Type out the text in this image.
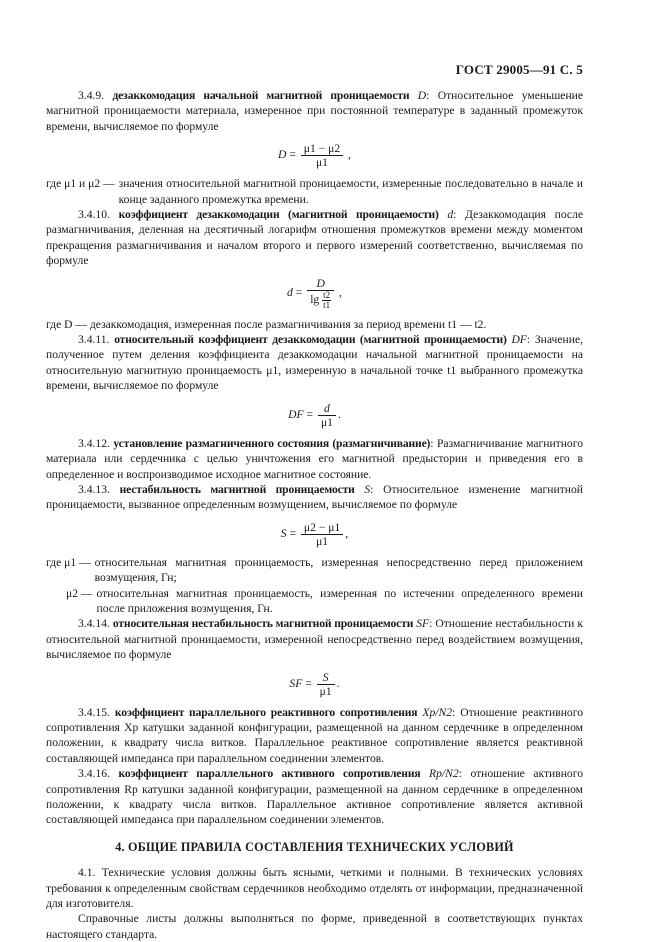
ГОСТ 29005—91 С. 5

3.4.9. дезаккомодация начальной магнитной проницаемости D: Относительное уменьшение магнитной проницаемости материала, измеренное при постоянной температуре в заданный промежуток времени, вычисляемое по формуле

$D = \frac{\mu 1 - \mu 2}{\mu 1}$ ,
где μ1 и μ2 — значения относительной магнитной проницаемости, измеренные последовательно в начале и конце заданного промежутка времени.

3.4.10. коэффициент дезаккомодации (магнитной проницаемости) d: Дезаккомодация после размагничивания, деленная на десятичный логарифм отношения промежутков времени между моментом прекращения размагничивания и началом второго и первого измерений соответственно, вычисляемая по формуле

$d = \frac{D}{\lg \frac{t2}{t1}}$ ,

где D — дезаккомодация, измеренная после размагничивания за период времени t1 — t2.

3.4.11. относительный коэффициент дезаккомодации (магнитной проницаемости) DF: Значение, полученное путем деления коэффициента дезаккомодации начальной магнитной проницаемости на относительную магнитную проницаемость μ1, измеренную в начальной точке t1 выбранного промежутка времени, вычисляемое по формуле

DF = $\frac{d}{\mu 1}$ .

3.4.12. установление размагниченного состояния (размагничивание): Размагничивание магнитного материала или сердечника с целью уничтожения его магнитной предыстории и приведения его в определенное и воспроизводимое исходное магнитное состояние.

3.4.13. нестабильность магнитной проницаемости S: Относительное изменение магнитной проницаемости, вызванное определенным возмущением, вычисляемое по формуле

$S = \frac{\mu 2 - \mu 1}{\mu 1}$ ,
где μ1 — относительная магнитная проницаемость, измеренная непосредственно перед приложением возмущения, Гн;
μ2 — относительная магнитная проницаемость, измеренная по истечении определенного времени после приложения возмущения, Гн.

3.4.14. относительная нестабильность магнитной проницаемости SF: Отношение нестабильности к относительной магнитной проницаемости, измеренной непосредственно перед воздействием возмущения, вычисляемое по формуле

SF = $\frac{S}{\mu 1}$ .

3.4.15. коэффициент параллельного реактивного сопротивления Xp/N2: Отношение реактивного сопротивления Xp катушки заданной конфигурации, размещенной на данном сердечнике в определенном положении, к квадрату числа витков. Параллельное реактивное сопротивление является реактивной составляющей импеданса при параллельном соединении элементов.

3.4.16. коэффициент параллельного активного сопротивления Rp/N2: отношение активного сопротивления Rp катушки заданной конфигурации, размещенной на данном сердечнике в определенном положении, к квадрату числа витков. Параллельное активное сопротивление является активной составляющей импеданса при параллельном соединении элементов.

4. ОБЩИЕ ПРАВИЛА СОСТАВЛЕНИЯ ТЕХНИЧЕСКИХ УСЛОВИЙ

4.1. Технические условия должны быть ясными, четкими и полными. В технических условиях требования к определенным свойствам сердечников необходимо отделять от информации, предназначенной для изготовителя.

Справочные листы должны выполняться по форме, приведенной в соответствующих пунктах настоящего стандарта.
